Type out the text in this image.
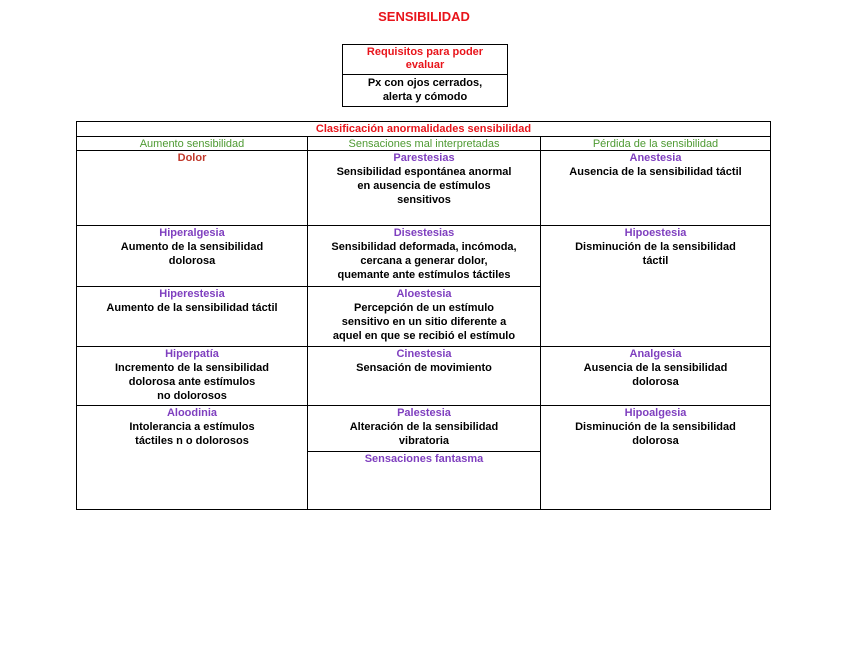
SENSIBILIDAD
Requisitos para poder
evaluar
Px con ojos cerrados,
alerta y cómodo
Clasificación anormalidades sensibilidad
Aumento sensibilidad	Sensaciones mal interpretadas	Pérdida de la sensibilidad
Dolor
Hiperalgesia
Aumento de la sensibilidad
dolorosa
Hiperestesia
Aumento de la sensibilidad táctil
Hiperpatía
Incremento de la sensibilidad
dolorosa ante estímulos
no dolorosos
Aloodinia
Intolerancia a estímulos
táctiles n o dolorosos
Parestesias
Sensibilidad espontánea anormal
en ausencia de estímulos
sensitivos
Disestesias
Sensibilidad deformada, incómoda,
cercana a generar dolor,
quemante ante estímulos táctiles
Aloestesia
Percepción de un estímulo
sensitivo en un sitio diferente a
aquel en que se recibió el estímulo
Cinestesia
Sensación de movimiento
Palestesia
Alteración de la sensibilidad
vibratoria
Sensaciones fantasma
Anestesia
Ausencia de la sensibilidad táctil
Hipoestesia
Disminución de la sensibilidad
táctil
Analgesia
Ausencia de la sensibilidad
dolorosa
Hipoalgesia
Disminución de la sensibilidad
dolorosa
